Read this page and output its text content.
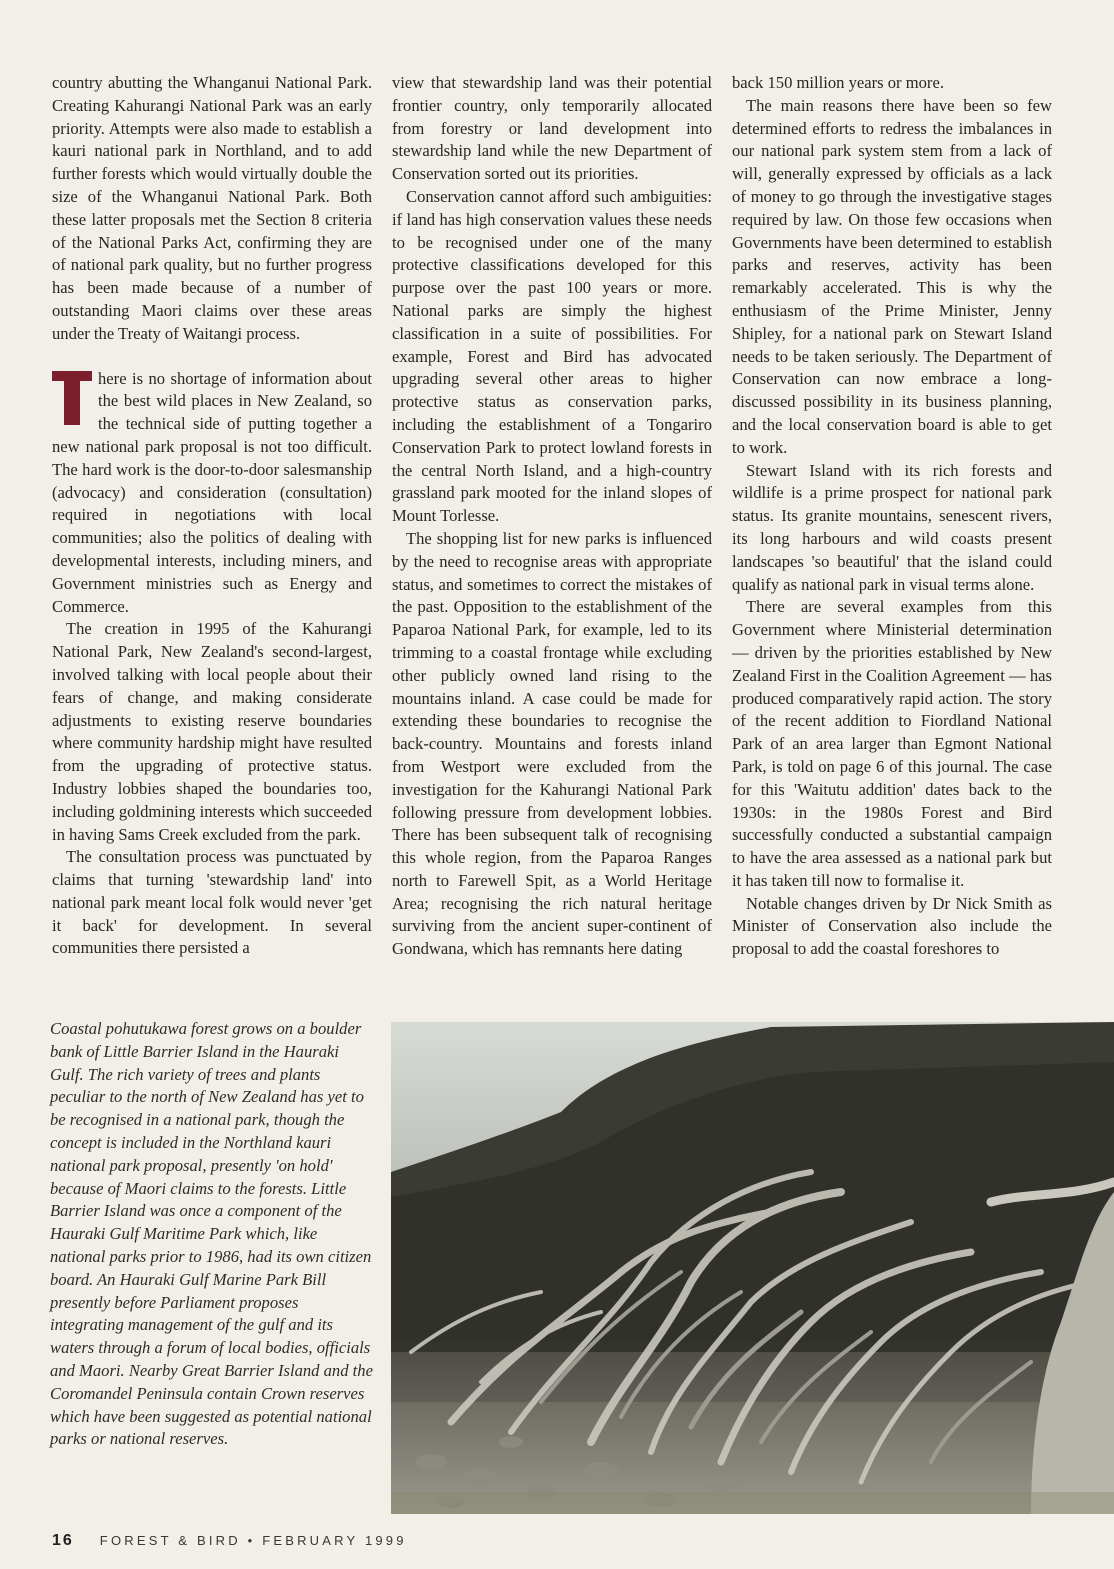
country abutting the Whanganui National Park. Creating Kahurangi National Park was an early priority. Attempts were also made to establish a kauri national park in Northland, and to add further forests which would virtually double the size of the Whanganui National Park. Both these latter proposals met the Section 8 criteria of the National Parks Act, confirming they are of national park quality, but no further progress has been made because of a number of outstanding Maori claims over these areas under the Treaty of Waitangi process.

here is no shortage of information about the best wild places in New Zealand, so the technical side of putting together a new national park proposal is not too difficult. The hard work is the door-to-door salesmanship (advocacy) and consideration (consultation) required in negotiations with local communities; also the politics of dealing with developmental interests, including miners, and Government ministries such as Energy and Commerce.

The creation in 1995 of the Kahurangi National Park, New Zealand's second-largest, involved talking with local people about their fears of change, and making considerate adjustments to existing reserve boundaries where community hardship might have resulted from the upgrading of protective status. Industry lobbies shaped the boundaries too, including goldmining interests which succeeded in having Sams Creek excluded from the park.

The consultation process was punctuated by claims that turning 'stewardship land' into national park meant local folk would never 'get it back' for development. In several communities there persisted a

view that stewardship land was their potential frontier country, only temporarily allocated from forestry or land development into stewardship land while the new Department of Conservation sorted out its priorities.

Conservation cannot afford such ambiguities: if land has high conservation values these needs to be recognised under one of the many protective classifications developed for this purpose over the past 100 years or more. National parks are simply the highest classification in a suite of possibilities. For example, Forest and Bird has advocated upgrading several other areas to higher protective status as conservation parks, including the establishment of a Tongariro Conservation Park to protect lowland forests in the central North Island, and a high-country grassland park mooted for the inland slopes of Mount Torlesse.

The shopping list for new parks is influenced by the need to recognise areas with appropriate status, and sometimes to correct the mistakes of the past. Opposition to the establishment of the Paparoa National Park, for example, led to its trimming to a coastal frontage while excluding other publicly owned land rising to the mountains inland. A case could be made for extending these boundaries to recognise the back-country. Mountains and forests inland from Westport were excluded from the investigation for the Kahurangi National Park following pressure from development lobbies. There has been subsequent talk of recognising this whole region, from the Paparoa Ranges north to Farewell Spit, as a World Heritage Area; recognising the rich natural heritage surviving from the ancient super-continent of Gondwana, which has remnants here dating

back 150 million years or more.

The main reasons there have been so few determined efforts to redress the imbalances in our national park system stem from a lack of will, generally expressed by officials as a lack of money to go through the investigative stages required by law. On those few occasions when Governments have been determined to establish parks and reserves, activity has been remarkably accelerated. This is why the enthusiasm of the Prime Minister, Jenny Shipley, for a national park on Stewart Island needs to be taken seriously. The Department of Conservation can now embrace a long-discussed possibility in its business planning, and the local conservation board is able to get to work.

Stewart Island with its rich forests and wildlife is a prime prospect for national park status. Its granite mountains, senescent rivers, its long harbours and wild coasts present landscapes 'so beautiful' that the island could qualify as national park in visual terms alone.

There are several examples from this Government where Ministerial determination — driven by the priorities established by New Zealand First in the Coalition Agreement — has produced comparatively rapid action. The story of the recent addition to Fiordland National Park of an area larger than Egmont National Park, is told on page 6 of this journal. The case for this 'Waitutu addition' dates back to the 1930s: in the 1980s Forest and Bird successfully conducted a substantial campaign to have the area assessed as a national park but it has taken till now to formalise it.

Notable changes driven by Dr Nick Smith as Minister of Conservation also include the proposal to add the coastal foreshores to

Coastal pohutukawa forest grows on a boulder bank of Little Barrier Island in the Hauraki Gulf. The rich variety of trees and plants peculiar to the north of New Zealand has yet to be recognised in a national park, though the concept is included in the Northland kauri national park proposal, presently 'on hold' because of Maori claims to the forests. Little Barrier Island was once a component of the Hauraki Gulf Maritime Park which, like national parks prior to 1986, had its own citizen board. An Hauraki Gulf Marine Park Bill presently before Parliament proposes integrating management of the gulf and its waters through a forum of local bodies, officials and Maori. Nearby Great Barrier Island and the Coromandel Peninsula contain Crown reserves which have been suggested as potential national parks or national reserves.
16 FOREST & BIRD • FEBRUARY 1999
